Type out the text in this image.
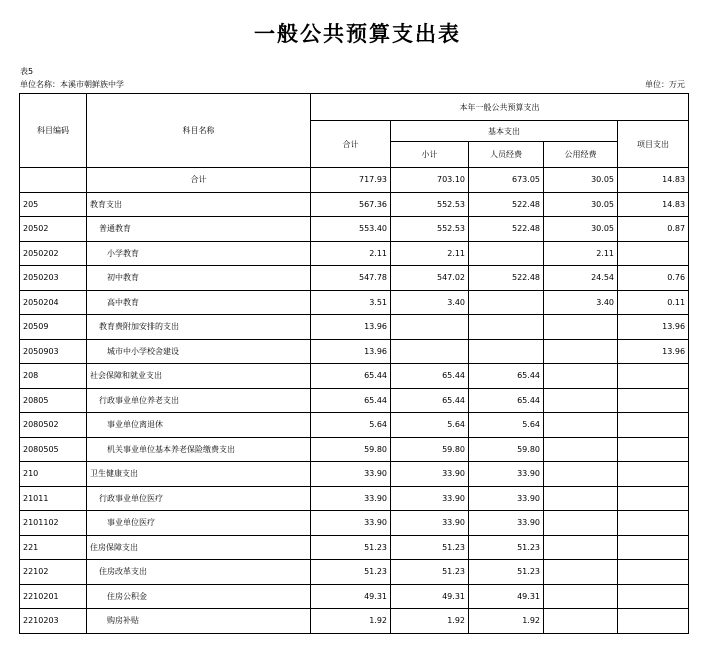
一般公共预算支出表
表5
单位名称：本溪市朝鲜族中学	单位：万元
科目编码	科目名称	本年一般公共预算支出				
		合计	基本支出			项目支出
			小计	人员经费	公用经费	
	合计	717.93	703.10	673.05	30.05	14.83
205	教育支出	567.36	552.53	522.48	30.05	14.83
20502	普通教育	553.40	552.53	522.48	30.05	0.87
2050202	小学教育	2.11	2.11		2.11	
2050203	初中教育	547.78	547.02	522.48	24.54	0.76
2050204	高中教育	3.51	3.40		3.40	0.11
20509	教育费附加安排的支出	13.96				13.96
2050903	城市中小学校舍建设	13.96				13.96
208	社会保障和就业支出	65.44	65.44	65.44		
20805	行政事业单位养老支出	65.44	65.44	65.44		
2080502	事业单位离退休	5.64	5.64	5.64		
2080505	机关事业单位基本养老保险缴费支出	59.80	59.80	59.80		
210	卫生健康支出	33.90	33.90	33.90		
21011	行政事业单位医疗	33.90	33.90	33.90		
2101102	事业单位医疗	33.90	33.90	33.90		
221	住房保障支出	51.23	51.23	51.23		
22102	住房改革支出	51.23	51.23	51.23		
2210201	住房公积金	49.31	49.31	49.31		
2210203	购房补贴	1.92	1.92	1.92		
